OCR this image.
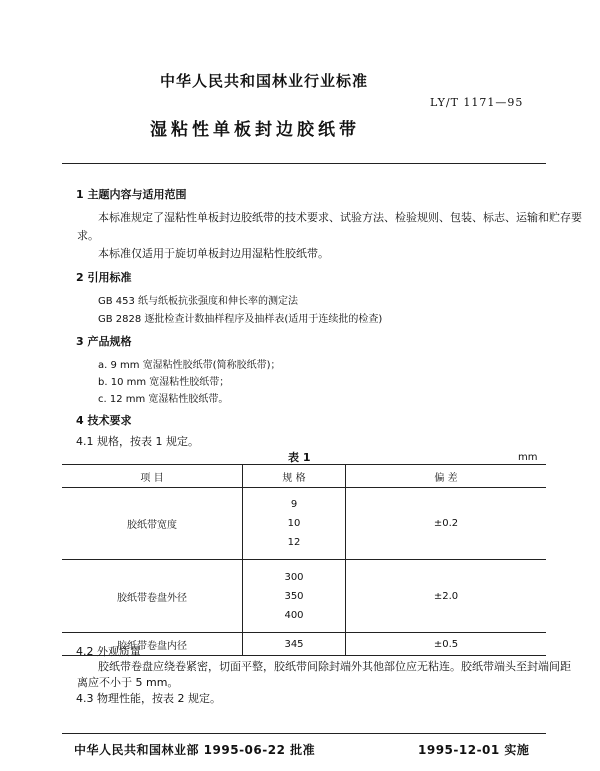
中华人民共和国林业行业标准
LY/T 1171—95
湿粘性单板封边胶纸带
1 主题内容与适用范围
本标准规定了湿粘性单板封边胶纸带的技术要求、试验方法、检验规则、包装、标志、运输和贮存要
求。
本标准仅适用于旋切单板封边用湿粘性胶纸带。
2 引用标准
GB 453 纸与纸板抗张强度和伸长率的测定法
GB 2828 逐批检查计数抽样程序及抽样表(适用于连续批的检查)
3 产品规格
a. 9 mm 宽湿粘性胶纸带(简称胶纸带)；
b. 10 mm 宽湿粘性胶纸带；
c. 12 mm 宽湿粘性胶纸带。
4 技术要求
4.1 规格，按表 1 规定。
表 1	mm
项 目	规 格	偏 差
胶纸带宽度	9
10
12	±0.2
胶纸带卷盘外径	300
350
400	±2.0
胶纸带卷盘内径	345	±0.5
4.2 外观质量
胶纸带卷盘应绕卷紧密，切面平整，胶纸带间除封端外其他部位应无粘连。胶纸带端头至封端间距
离应不小于 5 mm。
4.3 物理性能，按表 2 规定。
中华人民共和国林业部 1995-06-22 批准	1995-12-01 实施
